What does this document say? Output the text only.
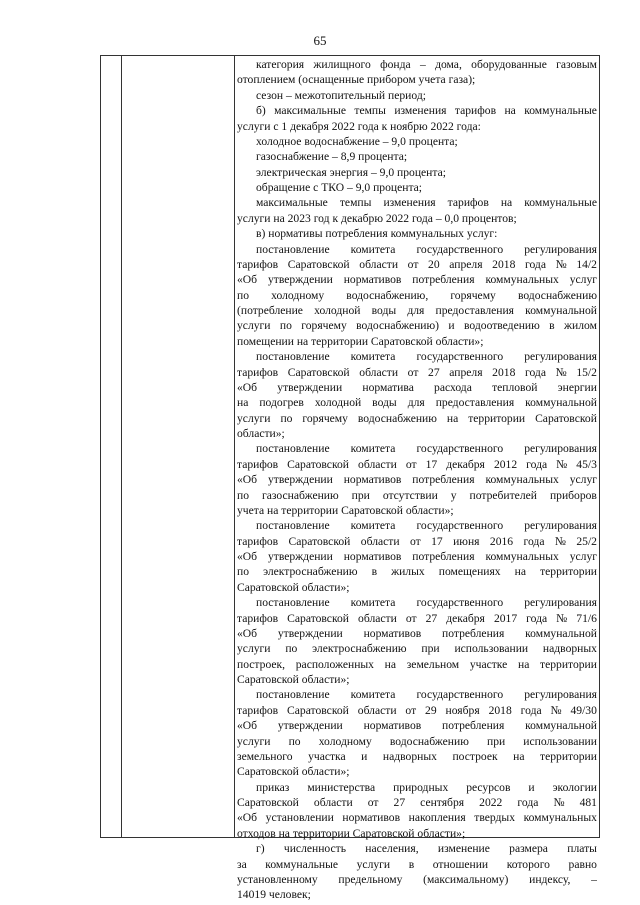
65
категория жилищного фонда – дома, оборудованные газовым
отоплением (оснащенные прибором учета газа);
сезон – межотопительный период;
б) максимальные темпы изменения тарифов на коммунальные
услуги с 1 декабря 2022 года к ноябрю 2022 года:
холодное водоснабжение – 9,0 процента;
газоснабжение – 8,9 процента;
электрическая энергия – 9,0 процента;
обращение с ТКО – 9,0 процента;
максимальные темпы изменения тарифов на коммунальные
услуги на 2023 год к декабрю 2022 года – 0,0 процентов;
в) нормативы потребления коммунальных услуг:
постановление комитета государственного регулирования
тарифов Саратовской области от 20 апреля 2018 года № 14/2
«Об утверждении нормативов потребления коммунальных услуг
по холодному водоснабжению, горячему водоснабжению
(потребление холодной воды для предоставления коммунальной
услуги по горячему водоснабжению) и водоотведению в жилом
помещении на территории Саратовской области»;
постановление комитета государственного регулирования
тарифов Саратовской области от 27 апреля 2018 года № 15/2
«Об утверждении норматива расхода тепловой энергии
на подогрев холодной воды для предоставления коммунальной
услуги по горячему водоснабжению на территории Саратовской
области»;
постановление комитета государственного регулирования
тарифов Саратовской области от 17 декабря 2012 года № 45/3
«Об утверждении нормативов потребления коммунальных услуг
по газоснабжению при отсутствии у потребителей приборов
учета на территории Саратовской области»;
постановление комитета государственного регулирования
тарифов Саратовской области от 17 июня 2016 года № 25/2
«Об утверждении нормативов потребления коммунальных услуг
по электроснабжению в жилых помещениях на территории
Саратовской области»;
постановление комитета государственного регулирования
тарифов Саратовской области от 27 декабря 2017 года № 71/6
«Об утверждении нормативов потребления коммунальной
услуги по электроснабжению при использовании надворных
построек, расположенных на земельном участке на территории
Саратовской области»;
постановление комитета государственного регулирования
тарифов Саратовской области от 29 ноября 2018 года № 49/30
«Об утверждении нормативов потребления коммунальной
услуги по холодному водоснабжению при использовании
земельного участка и надворных построек на территории
Саратовской области»;
приказ министерства природных ресурсов и экологии
Саратовской области от 27 сентября 2022 года № 481
«Об установлении нормативов накопления твердых коммунальных
отходов на территории Саратовской области»;
г) численность населения, изменение размера платы
за коммунальные услуги в отношении которого равно
установленному предельному (максимальному) индексу, –
14019 человек;
